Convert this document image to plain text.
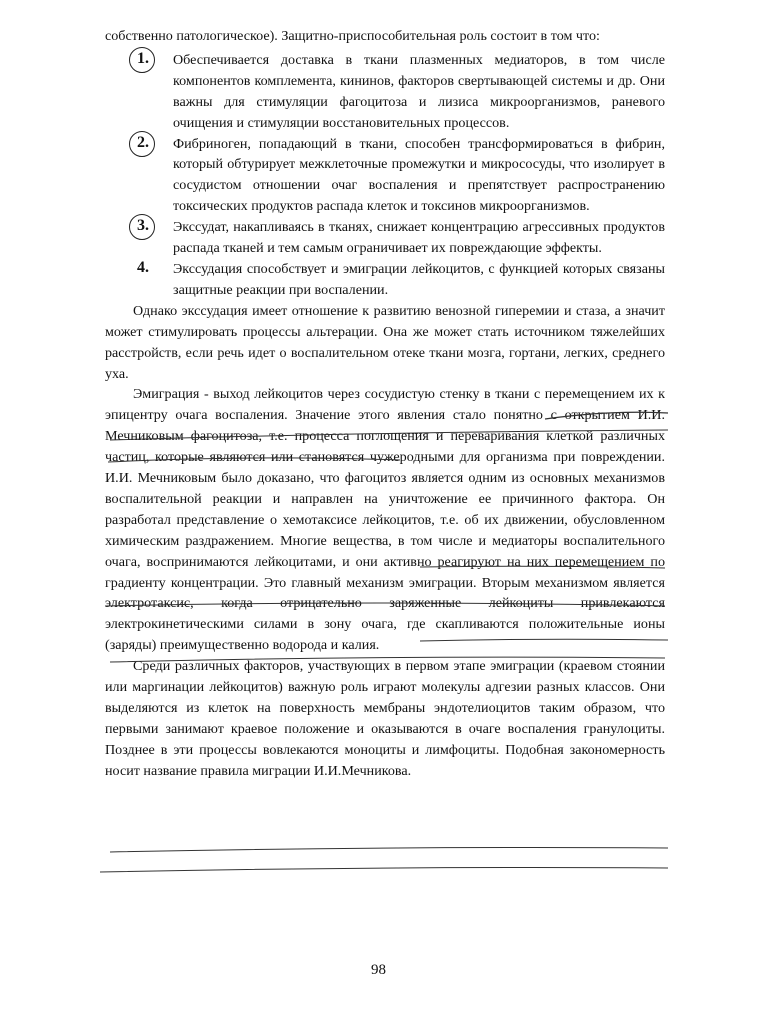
собственно патологическое). Защитно-приспособительная роль состоит в том что:

1. Обеспечивается доставка в ткани плазменных медиаторов, в том числе компонентов комплемента, кининов, факторов свертывающей системы и др. Они важны для стимуляции фагоцитоза и лизиса микроорганизмов, раневого очищения и стимуляции восстановительных процессов.

2. Фибриноген, попадающий в ткани, способен трансформироваться в фибрин, который обтурирует межклеточные промежутки и микрососуды, что изолирует в сосудистом отношении очаг воспаления и препятствует распространению токсических продуктов распада клеток и токсинов микроорганизмов.

3. Экссудат, накапливаясь в тканях, снижает концентрацию агрессивных продуктов распада тканей и тем самым ограничивает их повреждающие эффекты.

4. Экссудация способствует и эмиграции лейкоцитов, с функцией которых связаны защитные реакции при воспалении.

Однако экссудация имеет отношение к развитию венозной гиперемии и стаза, а значит может стимулировать процессы альтерации. Она же может стать источником тяжелейших расстройств, если речь идет о воспалительном отеке ткани мозга, гортани, легких, среднего уха.

Эмиграция - выход лейкоцитов через сосудистую стенку в ткани с перемещением их к эпицентру очага воспаления. Значение этого явления стало понятно с открытием И.И. Мечниковым фагоцитоза, т.е. процесса поглощения и переваривания клеткой различных частиц, которые являются или становятся чужеродными для организма при повреждении. И.И. Мечниковым было доказано, что фагоцитоз является одним из основных механизмов воспалительной реакции и направлен на уничтожение ее причинного фактора. Он разработал представление о хемотаксисе лейкоцитов, т.е. об их движении, обусловленном химическим раздражением. Многие вещества, в том числе и медиаторы воспалительного очага, воспринимаются лейкоцитами, и они активно реагируют на них перемещением по градиенту концентрации. Это главный механизм эмиграции. Вторым механизмом является электротаксис, когда отрицательно заряженные лейкоциты привлекаются электрокинетическими силами в зону очага, где скапливаются положительные ионы (заряды) преимущественно водорода и калия.

Среди различных факторов, участвующих в первом этапе эмиграции (краевом стоянии или маргинации лейкоцитов) важную роль играют молекулы адгезии разных классов. Они выделяются из клеток на поверхность мембраны эндотелиоцитов таким образом, что первыми занимают краевое положение и оказываются в очаге воспаления гранулоциты. Позднее в эти процессы вовлекаются моноциты и лимфоциты. Подобная закономерность носит название правила миграции И.И.Мечникова.

98
